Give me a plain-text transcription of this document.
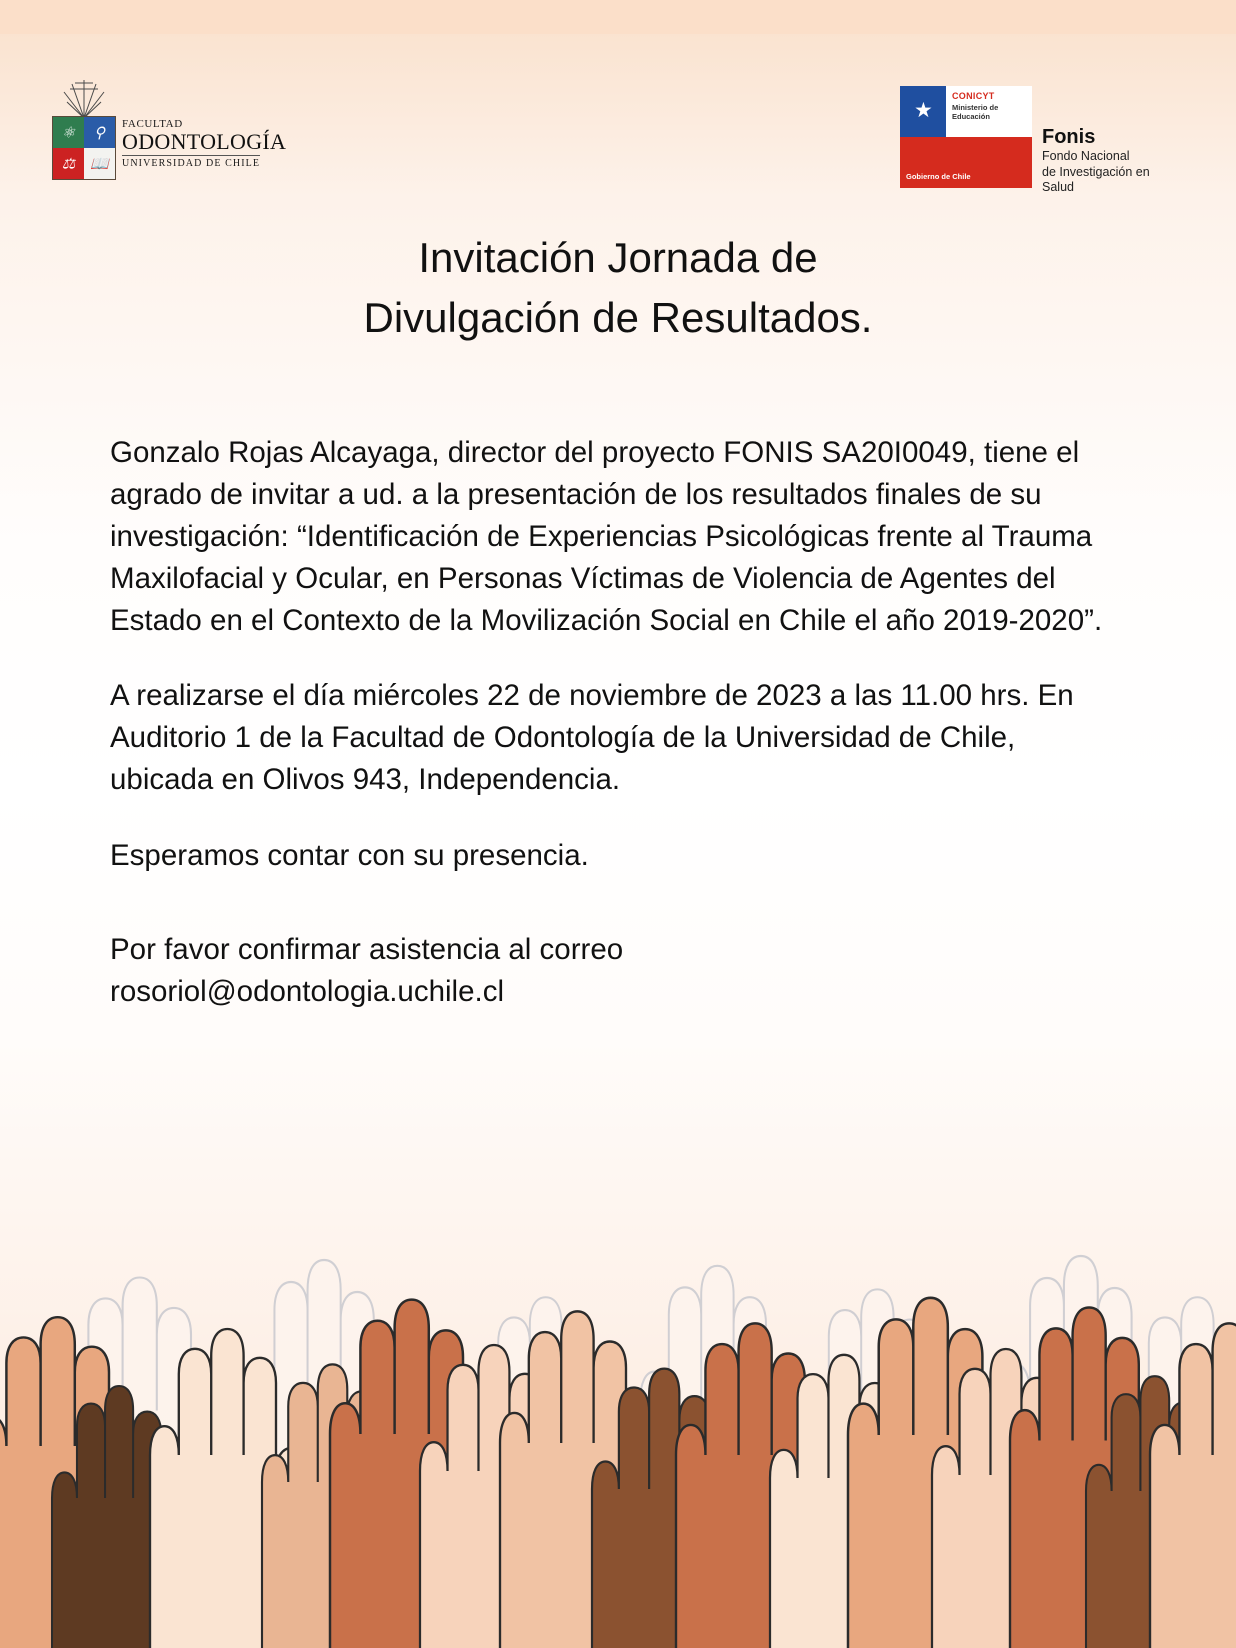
⚛ ⚲
⚖ 📖
FACULTAD
ODONTOLOGÍA
UNIVERSIDAD DE CHILE
★
CONICYT
Ministerio de
Educación
Gobierno de Chile
Fonis
Fondo Nacional
de Investigación en Salud
Invitación Jornada de
Divulgación de Resultados.

Gonzalo Rojas Alcayaga, director del proyecto FONIS SA20I0049, tiene el agrado de invitar a ud. a la presentación de los resultados finales de su investigación: “Identificación de Experiencias Psicológicas frente al Trauma Maxilofacial y Ocular, en Personas Víctimas de Violencia de Agentes del Estado en el Contexto de la Movilización Social en Chile el año 2019-2020”.

A realizarse el día miércoles 22 de noviembre de 2023 a las 11.00 hrs. En Auditorio 1 de la Facultad de Odontología de la Universidad de Chile, ubicada en Olivos 943, Independencia.

Esperamos contar con su presencia.

Por favor confirmar asistencia al correo

rosoriol@odontologia.uchile.cl
